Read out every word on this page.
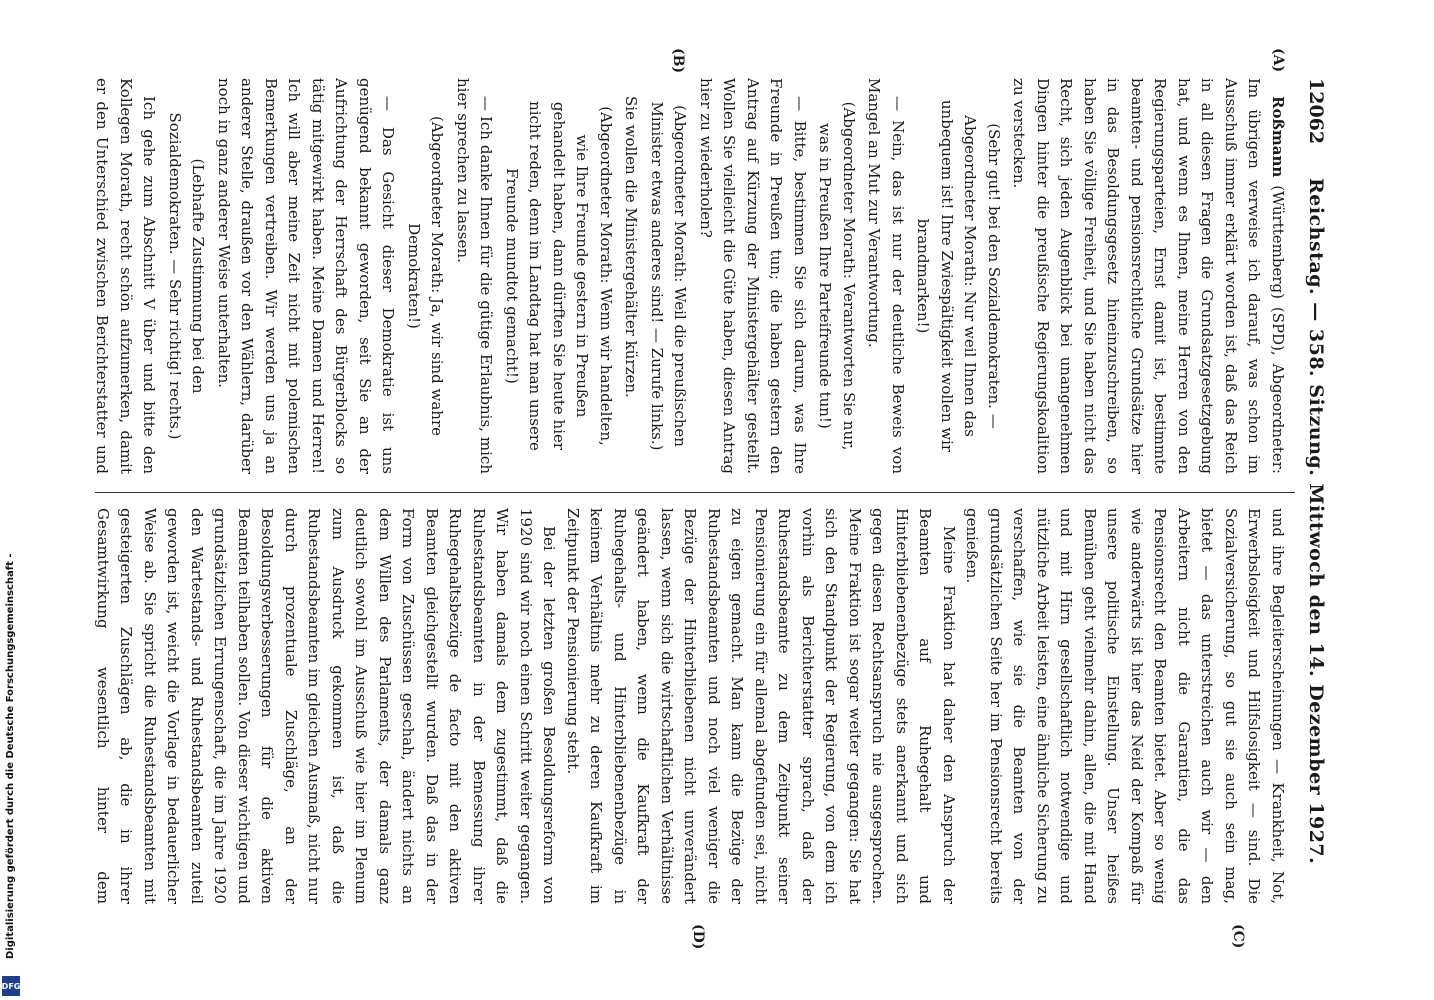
Digitalisierung gefördert durch die Deutsche Forschungsgemeinschaft -
DFG
12062
Reichstag. — 358. Sitzung. Mittwoch den 14. Dezember 1927.
(A)
(B)
(C)
(D)

Roßmann (Württemberg) (SPD), Abgeordneter: Im übrigen verweise ich darauf, was schon im Ausschuß immer erklärt worden ist, daß das Reich in all diesen Fragen die Grundsatzgesetzgebung hat, und wenn es Ihnen, meine Herren von den Regierungsparteien, Ernst damit ist, bestimmte beamten- und pensionsrechtliche Grundsätze hier in das Besoldungsgesetz hineinzuschreiben, so haben Sie völlige Freiheit, und Sie haben nicht das Recht, sich jeden Augenblick bei unangenehmen Dingen hinter die preußische Regierungskoalition zu verstecken.

(Sehr gut! bei den Sozialdemokraten. — Abgeordneter Morath: Nur weil Ihnen das unbequem ist! Ihre Zwiespältigkeit wollen wir brandmarken!)

— Nein, das ist nur der deutliche Beweis von Mangel an Mut zur Verantwortung.

(Abgeordneter Morath: Verantworten Sie nur, was in Preußen Ihre Parteifreunde tun!)

— Bitte, bestimmen Sie sich darum, was Ihre Freunde in Preußen tun; die haben gestern den Antrag auf Kürzung der Ministergehälter gestellt. Wollen Sie vielleicht die Güte haben, diesen Antrag hier zu wiederholen?

(Abgeordneter Morath: Weil die preußischen Minister etwas anderes sind! — Zurufe links.)

Sie wollen die Ministergehälter kürzen.

(Abgeordneter Morath: Wenn wir handelten, wie Ihre Freunde gestern in Preußen gehandelt haben, dann dürften Sie heute hier nicht reden, denn im Landtag hat man unsere Freunde mundtot gemacht!)

— Ich danke Ihnen für die gütige Erlaubnis, mich hier sprechen zu lassen.

(Abgeordneter Morath: Ja, wir sind wahre Demokraten!)

— Das Gesicht dieser Demokratie ist uns genügend bekannt geworden, seit Sie an der Aufrichtung der Herrschaft des Bürgerblocks so tätig mitgewirkt haben. Meine Damen und Herren! Ich will aber meine Zeit nicht mit polemischen Bemerkungen vertreiben. Wir werden uns ja an anderer Stelle, draußen vor den Wählern, darüber noch in ganz anderer Weise unterhalten.

(Lebhafte Zustimmung bei den Sozialdemokraten. — Sehr richtig! rechts.)

Ich gehe zum Abschnitt V über und bitte den Kollegen Morath, recht schön aufzumerken, damit er den Unterschied zwischen Berichterstatter und

und ihre Begleiterscheinungen — Krankheit, Not, Erwerbslosigkeit und Hilfslosigkeit — sind. Die Sozialversicherung, so gut sie auch sein mag, bietet — das unterstreichen auch wir — den Arbeitern nicht die Garantien, die das Pensionsrecht den Beamten bietet. Aber so wenig wie anderwärts ist hier das Neid der Kompaß für unsere politische Einstellung. Unser heißes Bemühen geht vielmehr dahin, allen, die mit Hand und mit Hirn gesellschaftlich notwendige und nützliche Arbeit leisten, eine ähnliche Sicherung zu verschaffen, wie sie die Beamten von der grundsätzlichen Seite her im Pensionsrecht bereits genießen.

Meine Fraktion hat daher den Anspruch der Beamten auf Ruhegehalt und Hinterbliebenenbezüge stets anerkannt und sich gegen diesen Rechtsanspruch nie ausgesprochen. Meine Fraktion ist sogar weiter gegangen: Sie hat sich den Standpunkt der Regierung, von dem ich vorhin als Berichterstatter sprach, daß der Ruhestandsbeamte zu dem Zeitpunkt seiner Pensionierung ein für allemal abgefunden sei, nicht zu eigen gemacht. Man kann die Bezüge der Ruhestandsbeamten und noch viel weniger die Bezüge der Hinterbliebenen nicht unverändert lassen, wenn sich die wirtschaftlichen Verhältnisse geändert haben, wenn die Kaufkraft der Ruhegehalts- und Hinterbliebenenbezüge in keinem Verhältnis mehr zu deren Kaufkraft im Zeitpunkt der Pensionierung steht.

Bei der letzten großen Besoldungsreform von 1920 sind wir noch einen Schritt weiter gegangen. Wir haben damals dem zugestimmt, daß die Ruhestandsbeamten in der Bemessung ihrer Ruhegehaltsbezüge de facto mit den aktiven Beamten gleichgestellt wurden. Daß das in der Form von Zuschüssen geschah, ändert nichts an dem Willen des Parlaments, der damals ganz deutlich sowohl im Ausschuß wie hier im Plenum zum Ausdruck gekommen ist, daß die Ruhestandsbeamten im gleichen Ausmaß, nicht nur durch prozentuale Zuschläge, an der Besoldungsverbesserungen für die aktiven Beamten teilhaben sollen. Von dieser wichtigen und grundsätzlichen Errungenschaft, die im Jahre 1920 den Wartestands- und Ruhestandsbeamten zuteil geworden ist, weicht die Vorlage in bedauerlicher Weise ab. Sie spricht die Ruhestandsbeamten mit gesteigerten Zuschlägen ab, die in ihrer Gesamtwirkung wesentlich hinter dem
